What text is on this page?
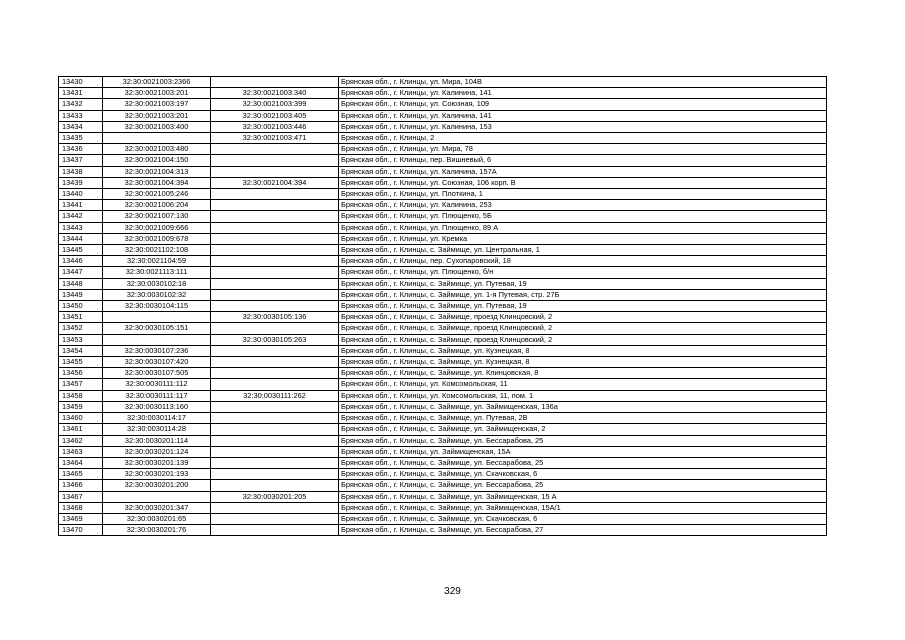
13430	32:30:0021003:2366		Брянская обл., г. Клинцы, ул. Мира, 104В
13431	32:30:0021003:201	32:30:0021003:340	Брянская обл., г. Клинцы, ул. Калинина, 141
13432	32:30:0021003:197	32:30:0021003:399	Брянская обл., г. Клинцы, ул. Союзная, 109
13433	32:30:0021003:201	32:30:0021003:405	Брянская обл., г. Клинцы, ул. Калинина, 141
13434	32:30:0021003:400	32:30:0021003:446	Брянская обл., г. Клинцы, ул. Калинина, 153
13435		32:30:0021003:471	Брянская обл., г. Клинцы, 2
13436	32:30:0021003:480		Брянская обл., г. Клинцы, ул. Мира, 78
13437	32:30:0021004:150		Брянская обл., г. Клинцы, пер. Вишневый, 6
13438	32:30:0021004:313		Брянская обл., г. Клинцы, ул. Калинина, 157А
13439	32:30:0021004:394	32:30:0021004:394	Брянская обл., г. Клинцы, ул. Союзная, 106 корп. В
13440	32:30:0021005:246		Брянская обл., г. Клинцы, ул. Плоткина, 1
13441	32:30:0021006:204		Брянская обл., г. Клинцы, ул. Калинина, 253
13442	32:30:0021007:130		Брянская обл., г. Клинцы, ул. Плющенко, 5Б
13443	32:30:0021009:666		Брянская обл., г. Клинцы, ул. Плющенко, 89 А
13444	32:30:0021009:678		Брянская обл., г. Клинцы, ул. Кремка
13445	32:30:0021102:108		Брянская обл., г. Клинцы, с. Займище, ул. Центральная, 1
13446	32:30:0021104:59		Брянская обл., г. Клинцы, пер. Сухопаровский, 18
13447	32:30:0021113:111		Брянская обл., г. Клинцы, ул. Плющенко, б/н
13448	32:30:0030102:18		Брянская обл., г. Клинцы, с. Займище, ул. Путевая, 19
13449	32:30:0030102:32		Брянская обл., г. Клинцы, с. Займище, ул. 1-я Путевая, стр. 27Б
13450	32:30:0030104:115		Брянская обл., г. Клинцы, с. Займище, ул. Путевая, 19
13451		32:30:0030105:136	Брянская обл., г. Клинцы, с. Займище, проезд Клинцовский, 2
13452	32:30:0030105:151		Брянская обл., г. Клинцы, с. Займище, проезд Клинцовский, 2
13453		32:30:0030105:263	Брянская обл., г. Клинцы, с. Займище, проезд Клинцовский, 2
13454	32:30:0030107:236		Брянская обл., г. Клинцы, с. Займище, ул. Кузнецкая, 8
13455	32:30:0030107:420		Брянская обл., г. Клинцы, с. Займище, ул. Кузнецкая, 8
13456	32:30:0030107:505		Брянская обл., г. Клинцы, с. Займище, ул. Клинцовская, 8
13457	32:30:0030111:112		Брянская обл., г. Клинцы, ул. Комсомольская, 11
13458	32:30:0030111:117	32:30:0030111:262	Брянская обл., г. Клинцы, ул. Комсомольская, 11, пом. 1
13459	32:30:0030113:160		Брянская обл., г. Клинцы, с. Займище, ул. Займищенская, 136а
13460	32:30:0030114:17		Брянская обл., г. Клинцы, с. Займище, ул. Путевая, 2В
13461	32:30:0030114:28		Брянская обл., г. Клинцы, с. Займище, ул. Займищенская, 2
13462	32:30:0030201:114		Брянская обл., г. Клинцы, с. Займище, ул. Бессарабова, 25
13463	32:30:0030201:124		Брянская обл., г. Клинцы, ул. Займищенская, 15А
13464	32:30:0030201:139		Брянская обл., г. Клинцы, с. Займище, ул. Бессарабова, 25
13465	32:30:0030201:193		Брянская обл., г. Клинцы, с. Займище, ул. Скачковская, 6
13466	32:30:0030201:200		Брянская обл., г. Клинцы, с. Займище, ул. Бессарабова, 25
13467		32:30:0030201:205	Брянская обл., г. Клинцы, с. Займище, ул. Займищенская, 15 А
13468	32:30:0030201:347		Брянская обл., г. Клинцы, с. Займище, ул. Займищенская, 15А/1
13469	32:30:0030201:65		Брянская обл., г. Клинцы, с. Займище, ул. Скачковская, 6
13470	32:30:0030201:76		Брянская обл., г. Клинцы, с. Займище, ул. Бессарабова, 27
329
